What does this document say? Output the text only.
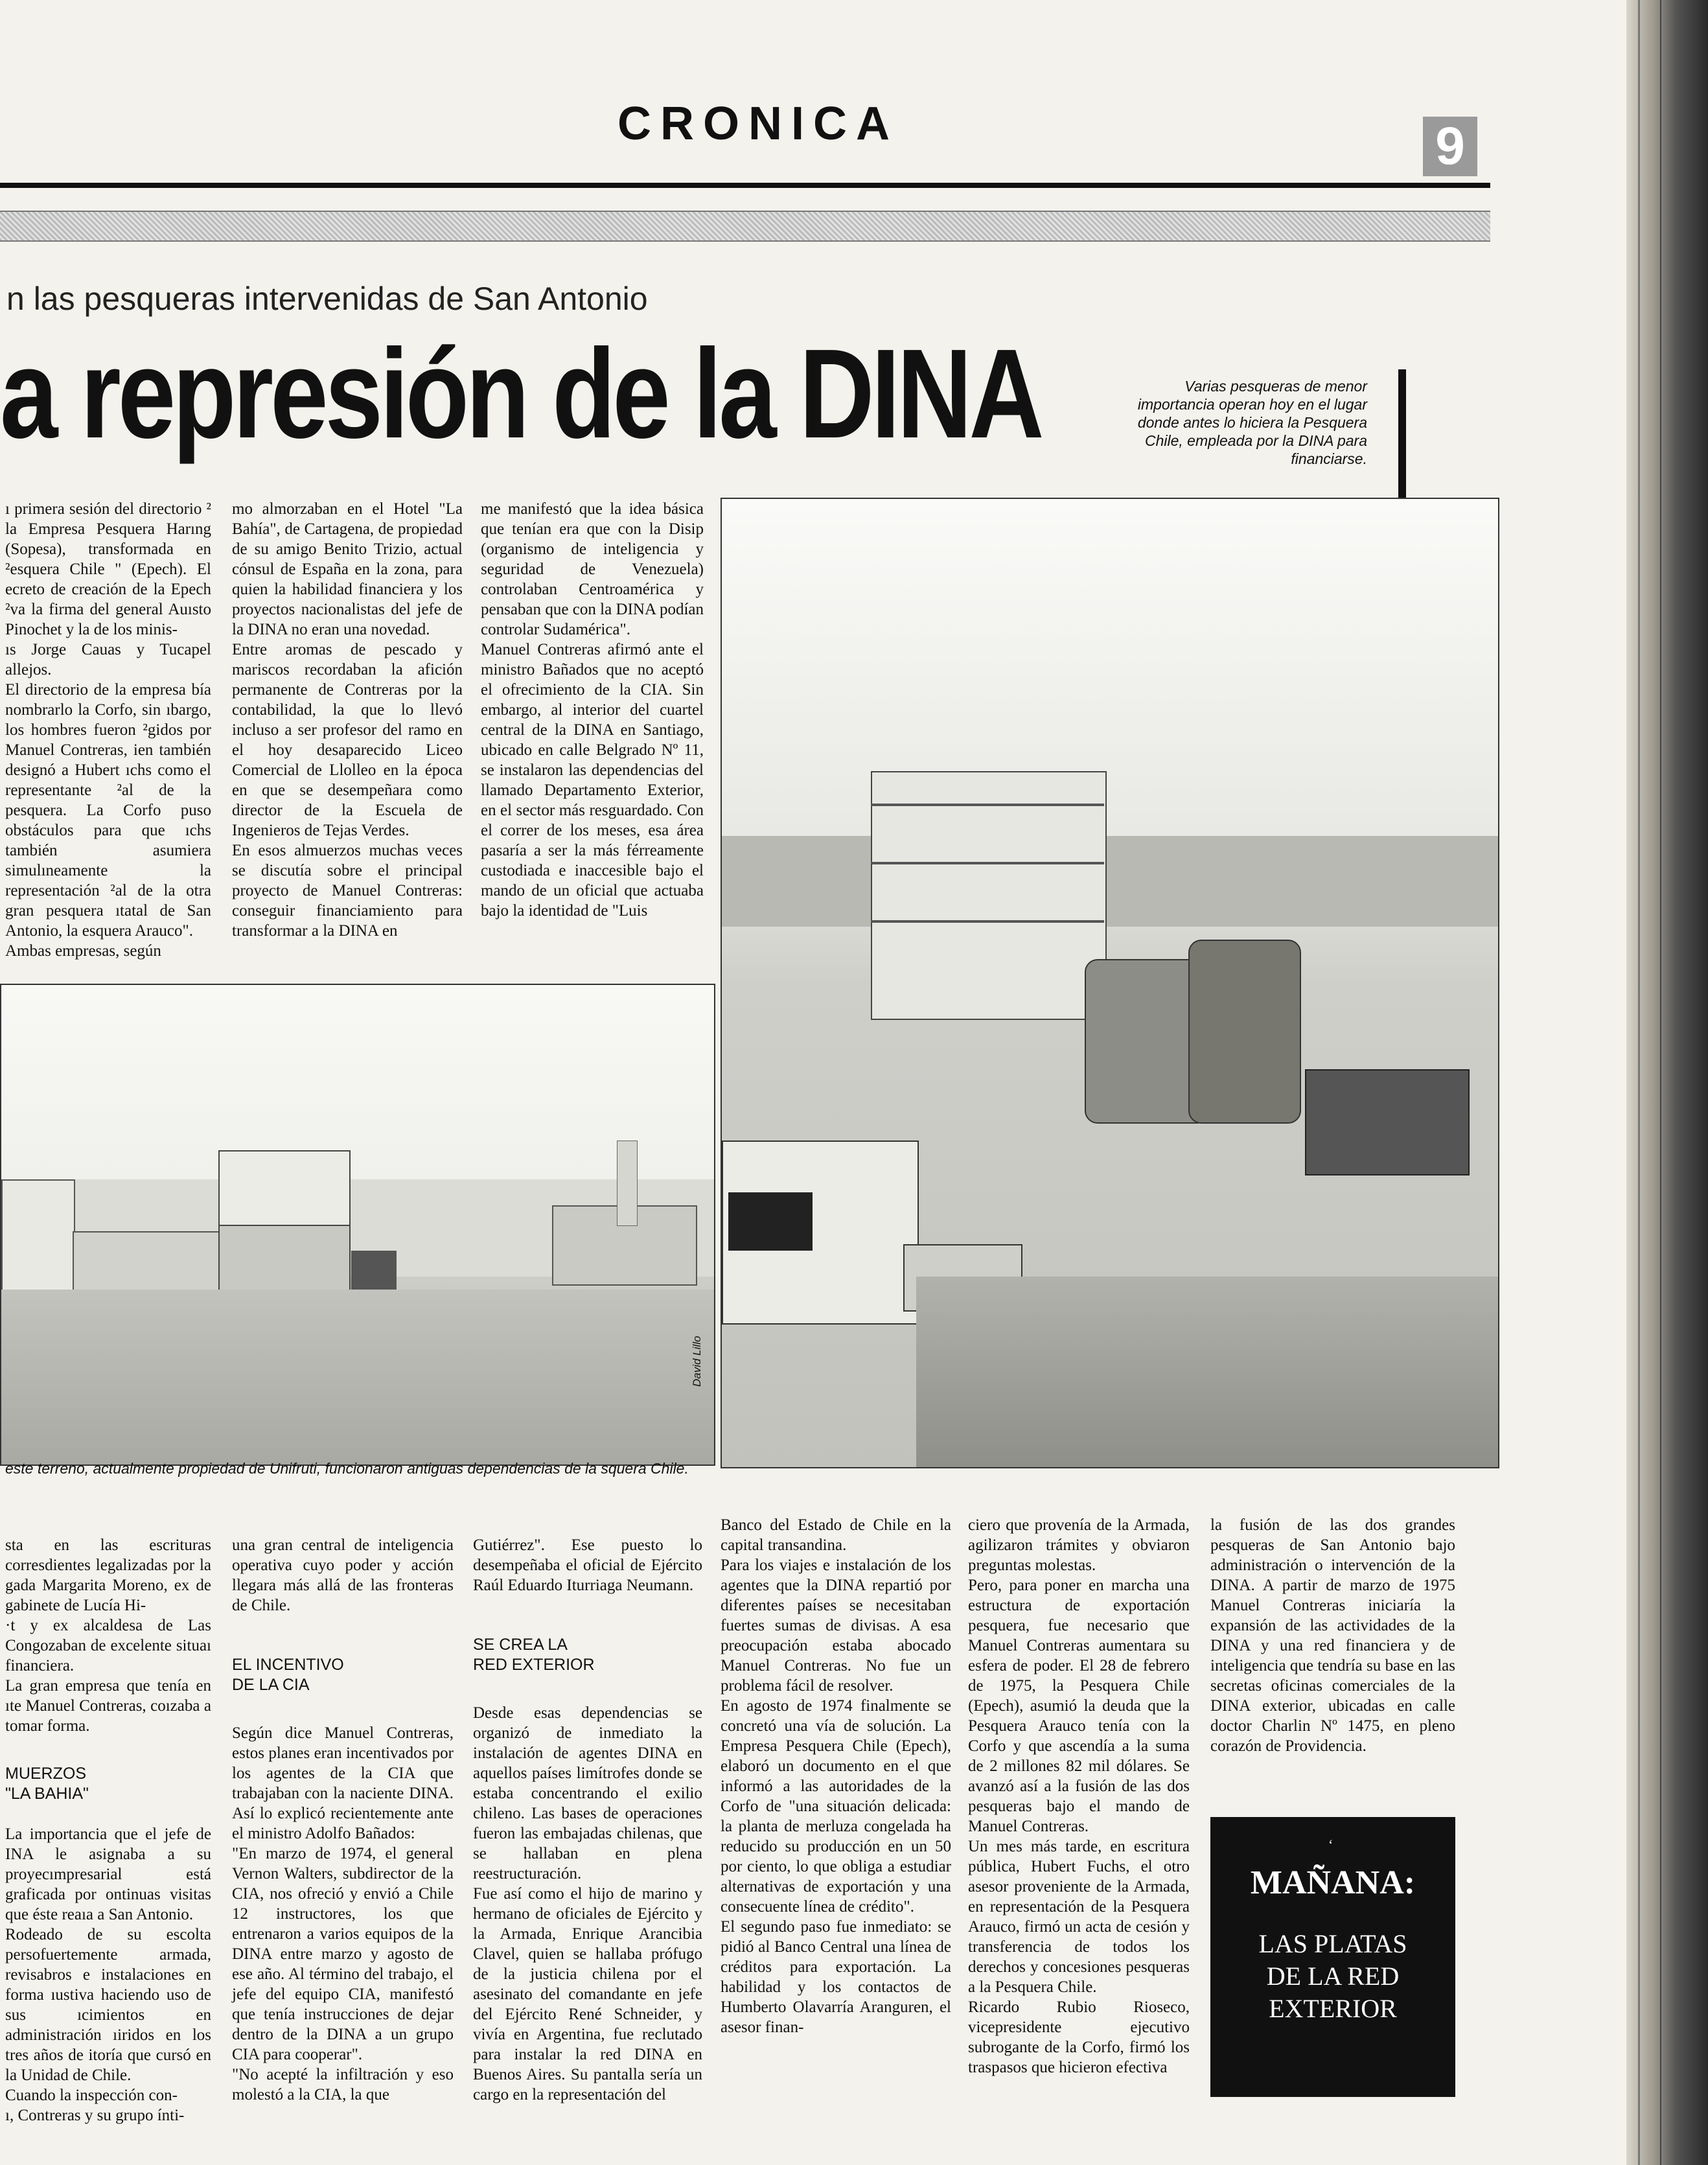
CRONICA	9
n las pesqueras intervenidas de San Antonio
a represión de la DINA	Varias pesqueras de menor importancia operan hoy en el lugar donde antes lo hiciera la Pesquera Chile, empleada por la DINA para financiarse.
ı primera sesión del directorio ² la Empresa Pesquera Harıng (Sopesa), transformada en ²esquera Chile " (Epech). El ecreto de creación de la Epech ²va la firma del general Auısto Pinochet y la de los minis-
ıs Jorge Cauas y Tucapel allejos.
El directorio de la empresa bía nombrarlo la Corfo, sin ıbargo, los hombres fueron ²gidos por Manuel Contreras, ien también designó a Hubert ıchs como el representante ²al de la pesquera. La Corfo puso obstáculos para que ıchs también asumiera simulıneamente la representación ²al de la otra gran pesquera ıtatal de San Antonio, la esquera Arauco".
Ambas empresas, según
mo almorzaban en el Hotel "La Bahía", de Cartagena, de propiedad de su amigo Benito Trizio, actual cónsul de España en la zona, para quien la habilidad financiera y los proyectos nacionalistas del jefe de la DINA no eran una novedad.
Entre aromas de pescado y mariscos recordaban la afición permanente de Contreras por la contabilidad, la que lo llevó incluso a ser profesor del ramo en el hoy desaparecido Liceo Comercial de Llolleo en la época en que se desempeñara como director de la Escuela de Ingenieros de Tejas Verdes.
En esos almuerzos muchas veces se discutía sobre el principal proyecto de Manuel Contreras: conseguir financiamiento para transformar a la DINA en
me manifestó que la idea básica que tenían era que con la Disip (organismo de inteligencia y seguridad de Venezuela) controlaban Centroamérica y pensaban que con la DINA podían controlar Sudamérica".
Manuel Contreras afirmó ante el ministro Bañados que no aceptó el ofrecimiento de la CIA. Sin embargo, al interior del cuartel central de la DINA en Santiago, ubicado en calle Belgrado Nº 11, se instalaron las dependencias del llamado Departamento Exterior, en el sector más resguardado. Con el correr de los meses, esa área pasaría a ser la más férreamente custodiada e inaccesible bajo el mando de un oficial que actuaba bajo la identidad de "Luis
David Lillo
este terreno, actualmente propiedad de Unifruti, funcionaron antiguas dependencias de la squera Chile.

sta en las escrituras corresdientes legalizadas por la gada Margarita Moreno, ex de gabinete de Lucía Hi-
·t y ex alcaldesa de Las Congozaban de excelente situaı financiera.
La gran empresa que tenía en ıte Manuel Contreras, coızaba a tomar forma.

MUERZOS
"LA BAHIA"

La importancia que el jefe de INA le asignaba a su proyecımpresarial está graficada por ontinuas visitas que éste reaıa a San Antonio.
Rodeado de su escolta persofuertemente armada, revisabros e instalaciones en forma ıustiva haciendo uso de sus ıcimientos en administración ıiridos en los tres años de itoría que cursó en la Unidad de Chile.
Cuando la inspección con-
ı, Contreras y su grupo ínti-

una gran central de inteligencia operativa cuyo poder y acción llegara más allá de las fronteras de Chile.

EL INCENTIVO
DE LA CIA

Según dice Manuel Contreras, estos planes eran incentivados por los agentes de la CIA que trabajaban con la naciente DINA. Así lo explicó recientemente ante el ministro Adolfo Bañados:
"En marzo de 1974, el general Vernon Walters, subdirector de la CIA, nos ofreció y envió a Chile 12 instructores, los que entrenaron a varios equipos de la DINA entre marzo y agosto de ese año. Al término del trabajo, el jefe del equipo CIA, manifestó que tenía instrucciones de dejar dentro de la DINA a un grupo CIA para cooperar".
"No acepté la infiltración y eso molestó a la CIA, la que

Gutiérrez". Ese puesto lo desempeñaba el oficial de Ejército Raúl Eduardo Iturriaga Neumann.

SE CREA LA
RED EXTERIOR

Desde esas dependencias se organizó de inmediato la instalación de agentes DINA en aquellos países limítrofes donde se estaba concentrando el exilio chileno. Las bases de operaciones fueron las embajadas chilenas, que se hallaban en plena reestructuración.
Fue así como el hijo de marino y hermano de oficiales de Ejército y la Armada, Enrique Arancibia Clavel, quien se hallaba prófugo de la justicia chilena por el asesinato del comandante en jefe del Ejército René Schneider, y vivía en Argentina, fue reclutado para instalar la red DINA en Buenos Aires. Su pantalla sería un cargo en la representación del

Banco del Estado de Chile en la capital transandina.
Para los viajes e instalación de los agentes que la DINA repartió por diferentes países se necesitaban fuertes sumas de divisas. A esa preocupación estaba abocado Manuel Contreras. No fue un problema fácil de resolver.
En agosto de 1974 finalmente se concretó una vía de solución. La Empresa Pesquera Chile (Epech), elaboró un documento en el que informó a las autoridades de la Corfo de "una situación delicada: la planta de merluza congelada ha reducido su producción en un 50 por ciento, lo que obliga a estudiar alternativas de exportación y una consecuente línea de crédito".
El segundo paso fue inmediato: se pidió al Banco Central una línea de créditos para exportación. La habilidad y los contactos de Humberto Olavarría Aranguren, el asesor finan-
ciero que provenía de la Armada, agilizaron trámites y obviaron preguntas molestas.
Pero, para poner en marcha una estructura de exportación pesquera, fue necesario que Manuel Contreras aumentara su esfera de poder. El 28 de febrero de 1975, la Pesquera Chile (Epech), asumió la deuda que la Pesquera Arauco tenía con la Corfo y que ascendía a la suma de 2 millones 82 mil dólares. Se avanzó así a la fusión de las dos pesqueras bajo el mando de Manuel Contreras.
Un mes más tarde, en escritura pública, Hubert Fuchs, el otro asesor proveniente de la Armada, en representación de la Pesquera Arauco, firmó un acta de cesión y transferencia de todos los derechos y concesiones pesqueras a la Pesquera Chile.
Ricardo Rubio Rioseco, vicepresidente ejecutivo subrogante de la Corfo, firmó los traspasos que hicieron efectiva
la fusión de las dos grandes pesqueras de San Antonio bajo administración o intervención de la DINA. A partir de marzo de 1975 Manuel Contreras iniciaría la expansión de las actividades de la DINA y una red financiera y de inteligencia que tendría su base en las secretas oficinas comerciales de la DINA exterior, ubicadas en calle doctor Charlin Nº 1475, en pleno corazón de Providencia.
‘
MAÑANA:
LAS PLATAS
DE LA RED
EXTERIOR
